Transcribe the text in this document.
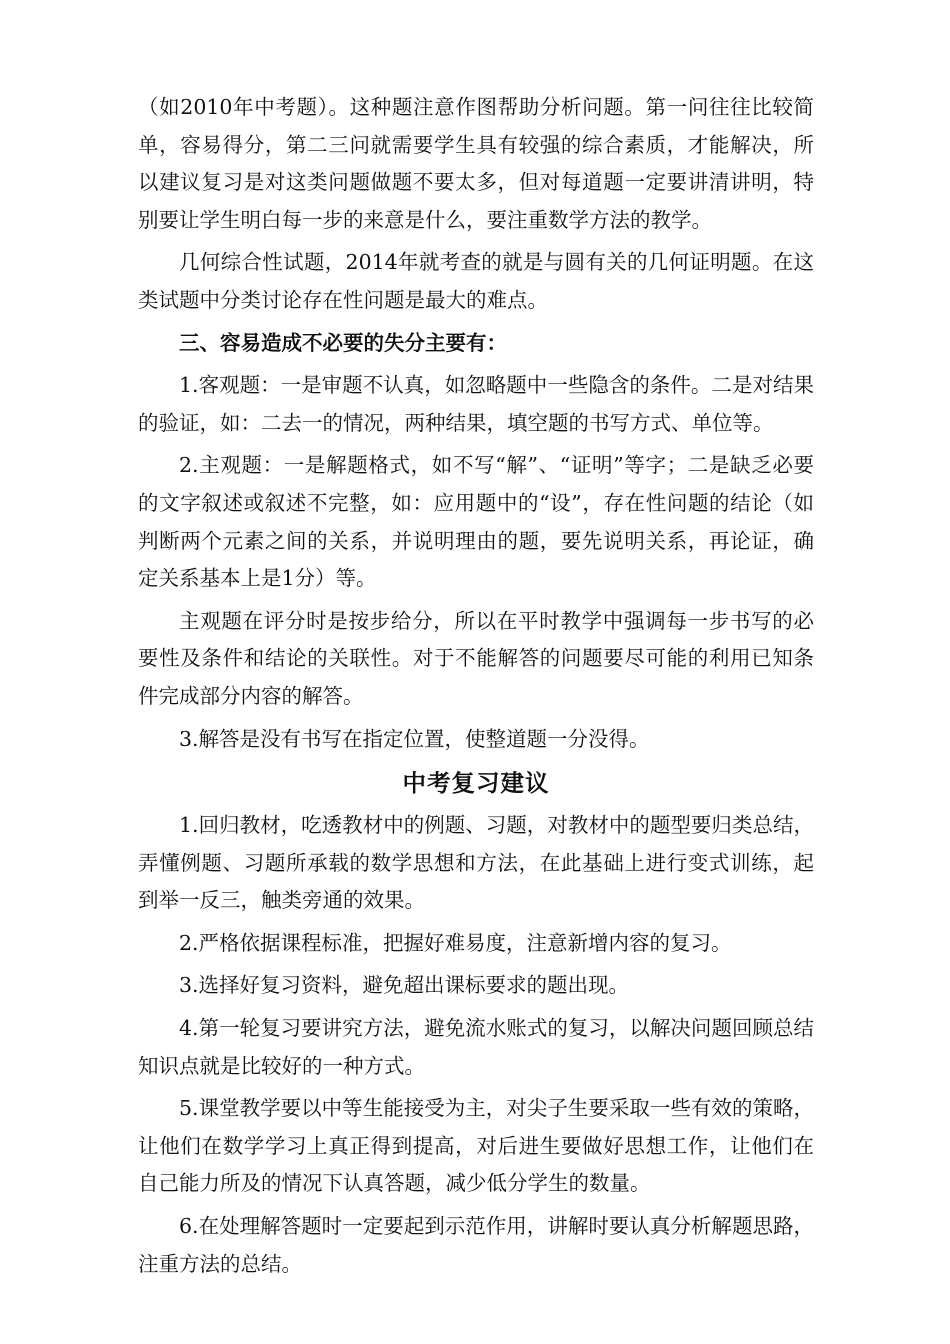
（如2010年中考题）。这种题注意作图帮助分析问题。第一问往往比较简单，容易得分，第二三问就需要学生具有较强的综合素质，才能解决，所以建议复习是对这类问题做题不要太多，但对每道题一定要讲清讲明，特别要让学生明白每一步的来意是什么，要注重数学方法的教学。

几何综合性试题，2014年就考查的就是与圆有关的几何证明题。在这类试题中分类讨论存在性问题是最大的难点。

三、容易造成不必要的失分主要有：

1.客观题：一是审题不认真，如忽略题中一些隐含的条件。二是对结果的验证，如：二去一的情况，两种结果，填空题的书写方式、单位等。

2.主观题：一是解题格式，如不写“解”、“证明”等字；二是缺乏必要的文字叙述或叙述不完整，如：应用题中的“设”，存在性问题的结论（如判断两个元素之间的关系，并说明理由的题，要先说明关系，再论证，确定关系基本上是1分）等。

主观题在评分时是按步给分，所以在平时教学中强调每一步书写的必要性及条件和结论的关联性。对于不能解答的问题要尽可能的利用已知条件完成部分内容的解答。

3.解答是没有书写在指定位置，使整道题一分没得。

中考复习建议

1.回归教材，吃透教材中的例题、习题，对教材中的题型要归类总结，弄懂例题、习题所承载的数学思想和方法，在此基础上进行变式训练，起到举一反三，触类旁通的效果。

2.严格依据课程标准，把握好难易度，注意新增内容的复习。

3.选择好复习资料，避免超出课标要求的题出现。

4.第一轮复习要讲究方法，避免流水账式的复习，以解决问题回顾总结知识点就是比较好的一种方式。

5.课堂教学要以中等生能接受为主，对尖子生要采取一些有效的策略，让他们在数学学习上真正得到提高，对后进生要做好思想工作，让他们在自己能力所及的情况下认真答题，减少低分学生的数量。

6.在处理解答题时一定要起到示范作用，讲解时要认真分析解题思路，注重方法的总结。
